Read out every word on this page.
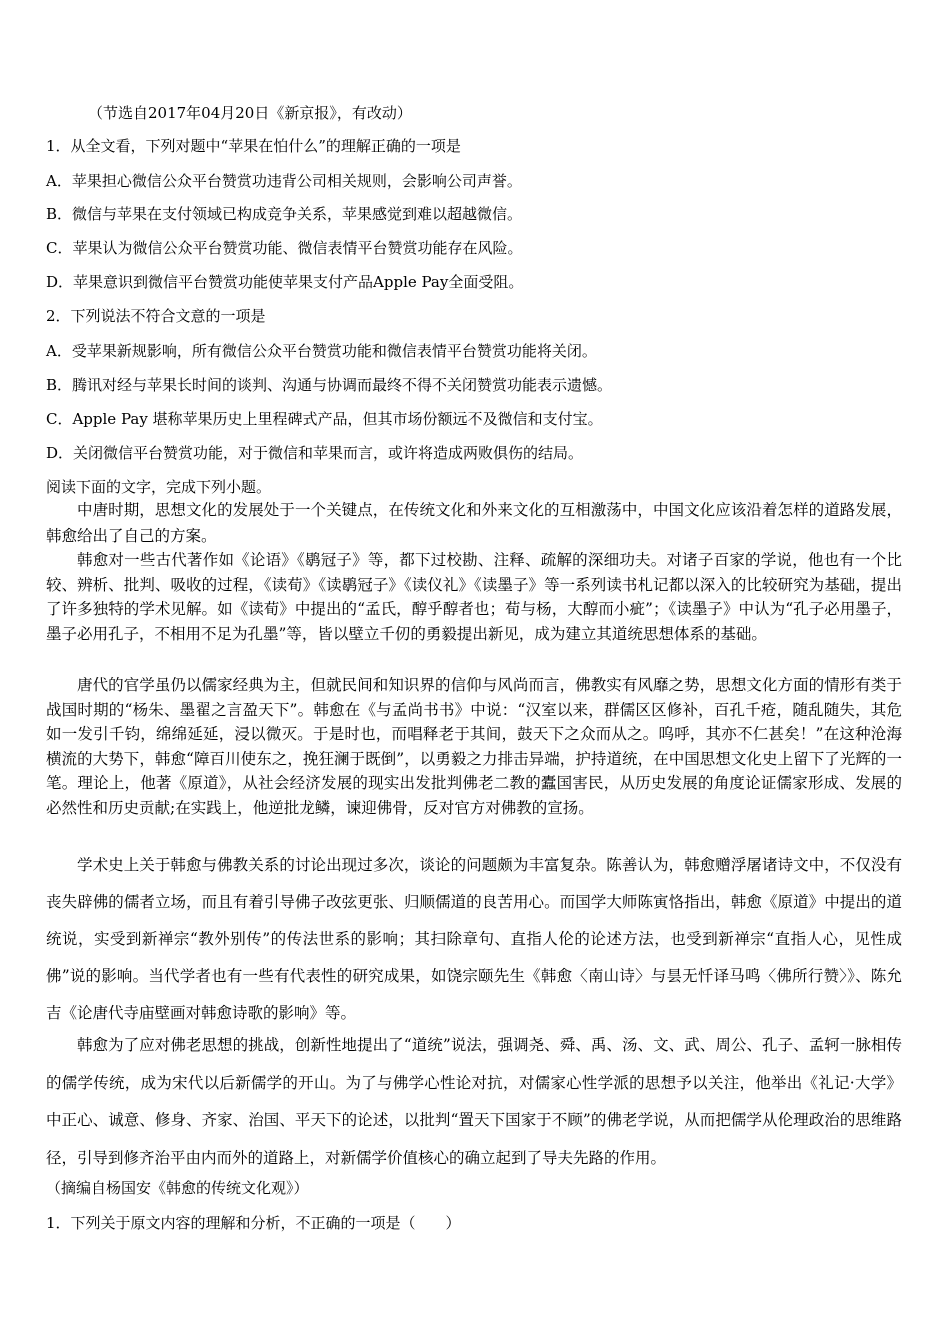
（节选自2017年04月20日《新京报》，有改动）
1．从全文看，下列对题中“苹果在怕什么”的理解正确的一项是
A．苹果担心微信公众平台赞赏功违背公司相关规则，会影响公司声誉。
B．微信与苹果在支付领域已构成竞争关系，苹果感觉到难以超越微信。
C．苹果认为微信公众平台赞赏功能、微信表情平台赞赏功能存在风险。
D．苹果意识到微信平台赞赏功能使苹果支付产品Apple Pay全面受阻。
2．下列说法不符合文意的一项是
A．受苹果新规影响，所有微信公众平台赞赏功能和微信表情平台赞赏功能将关闭。
B．腾讯对经与苹果长时间的谈判、沟通与协调而最终不得不关闭赞赏功能表示遗憾。
C．Apple Pay 堪称苹果历史上里程碑式产品，但其市场份额远不及微信和支付宝。
D．关闭微信平台赞赏功能，对于微信和苹果而言，或许将造成两败俱伤的结局。
阅读下面的文字，完成下列小题。

中唐时期，思想文化的发展处于一个关键点，在传统文化和外来文化的互相激荡中，中国文化应该沿着怎样的道路发展，韩愈给出了自己的方案。

韩愈对一些古代著作如《论语》《鹖冠子》等，都下过校勘、注释、疏解的深细功夫。对诸子百家的学说，他也有一个比较、辨析、批判、吸收的过程，《读荀》《读鹖冠子》《读仪礼》《读墨子》等一系列读书札记都以深入的比较研究为基础，提出了许多独特的学术见解。如《读荀》中提出的“孟氏，醇乎醇者也；荀与杨，大醇而小疵”；《读墨子》中认为“孔子必用墨子，墨子必用孔子，不相用不足为孔墨”等，皆以壁立千仞的勇毅提出新见，成为建立其道统思想体系的基础。

唐代的官学虽仍以儒家经典为主，但就民间和知识界的信仰与风尚而言，佛教实有风靡之势，思想文化方面的情形有类于战国时期的“杨朱、墨翟之言盈天下”。韩愈在《与孟尚书书》中说：“汉室以来，群儒区区修补，百孔千疮，随乱随失，其危如一发引千钧，绵绵延延，浸以微灭。于是时也，而唱释老于其间，鼓天下之众而从之。呜呼，其亦不仁甚矣！”在这种沧海横流的大势下，韩愈“障百川使东之，挽狂澜于既倒”，以勇毅之力排击异端，护持道统，在中国思想文化史上留下了光辉的一笔。理论上，他著《原道》，从社会经济发展的现实出发批判佛老二教的蠹国害民，从历史发展的角度论证儒家形成、发展的必然性和历史贡献;在实践上，他逆批龙鳞，谏迎佛骨，反对官方对佛教的宣扬。

学术史上关于韩愈与佛教关系的讨论出现过多次，谈论的问题颇为丰富复杂。陈善认为，韩愈赠浮屠诸诗文中，不仅没有丧失辟佛的儒者立场，而且有着引导佛子改弦更张、归顺儒道的良苦用心。而国学大师陈寅恪指出，韩愈《原道》中提出的道统说，实受到新禅宗“教外别传”的传法世系的影响；其扫除章句、直指人伦的论述方法，也受到新禅宗“直指人心，见性成佛”说的影响。当代学者也有一些有代表性的研究成果，如饶宗颐先生《韩愈〈南山诗〉与昙无忏译马鸣〈佛所行赞〉》、陈允吉《论唐代寺庙壁画对韩愈诗歌的影响》等。

韩愈为了应对佛老思想的挑战，创新性地提出了“道统”说法，强调尧、舜、禹、汤、文、武、周公、孔子、孟轲一脉相传的儒学传统，成为宋代以后新儒学的开山。为了与佛学心性论对抗，对儒家心性学派的思想予以关注，他举出《礼记·大学》中正心、诚意、修身、齐家、治国、平天下的论述，以批判“置天下国家于不顾”的佛老学说，从而把儒学从伦理政治的思维路径，引导到修齐治平由内而外的道路上，对新儒学价值核心的确立起到了导夫先路的作用。

（摘编自杨国安《韩愈的传统文化观》）
1．下列关于原文内容的理解和分析，不正确的一项是（　　）
